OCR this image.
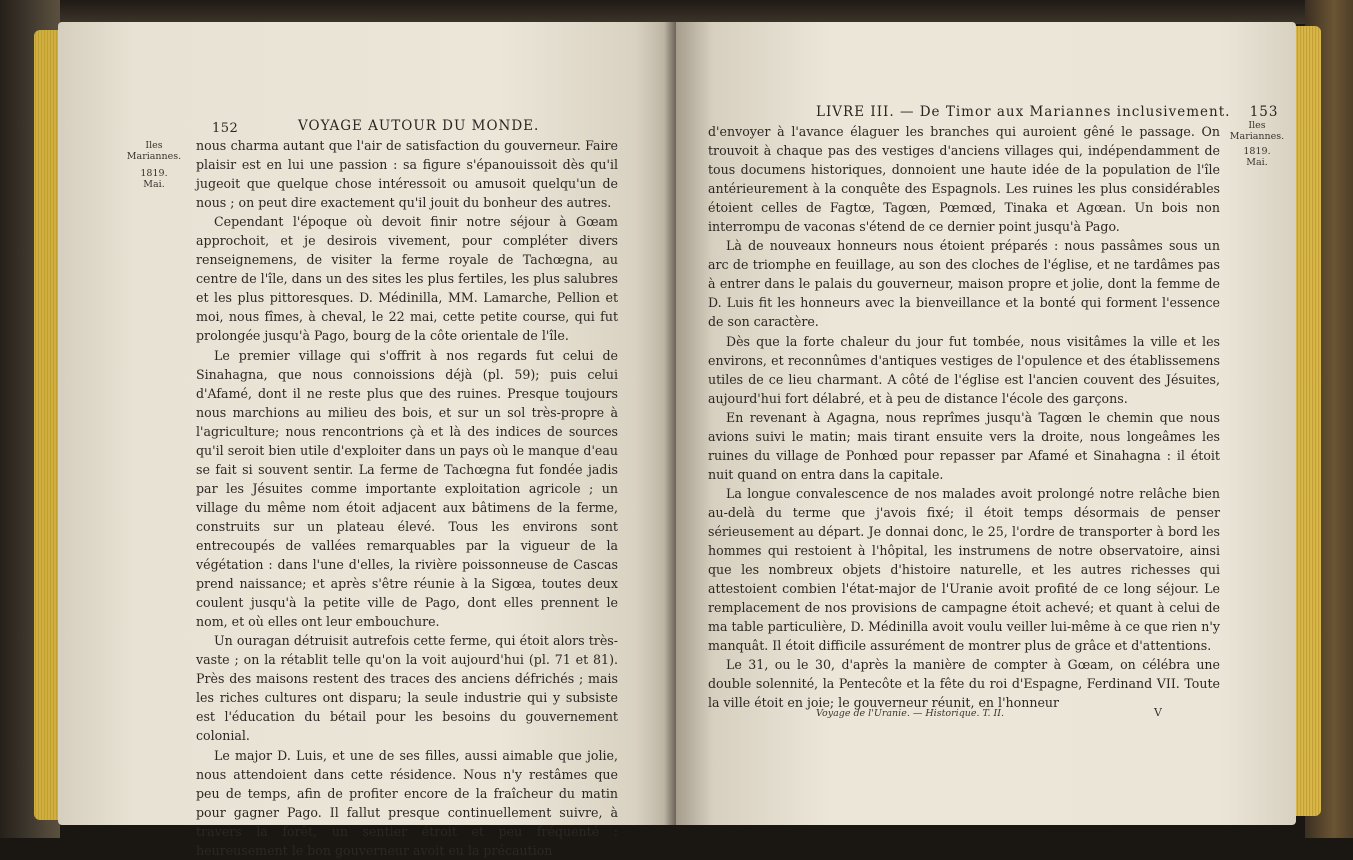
152	VOYAGE AUTOUR DU MONDE.
Iles Mariannes.
1819.
Mai.

nous charma autant que l'air de satisfaction du gouverneur. Faire plaisir est en lui une passion : sa figure s'épanouissoit dès qu'il jugeoit que quelque chose intéressoit ou amusoit quelqu'un de nous ; on peut dire exactement qu'il jouit du bonheur des autres.

Cependant l'époque où devoit finir notre séjour à Gœam approchoit, et je desirois vivement, pour compléter divers renseignemens, de visiter la ferme royale de Tachœgna, au centre de l'île, dans un des sites les plus fertiles, les plus salubres et les plus pittoresques. D. Médinilla, MM. Lamarche, Pellion et moi, nous fîmes, à cheval, le 22 mai, cette petite course, qui fut prolongée jusqu'à Pago, bourg de la côte orientale de l'île.

Le premier village qui s'offrit à nos regards fut celui de Sinahagna, que nous connoissions déjà (pl. 59); puis celui d'Afamé, dont il ne reste plus que des ruines. Presque toujours nous marchions au milieu des bois, et sur un sol très-propre à l'agriculture; nous rencontrions çà et là des indices de sources qu'il seroit bien utile d'exploiter dans un pays où le manque d'eau se fait si souvent sentir. La ferme de Tachœgna fut fondée jadis par les Jésuites comme importante exploitation agricole ; un village du même nom étoit adjacent aux bâtimens de la ferme, construits sur un plateau élevé. Tous les environs sont entrecoupés de vallées remarquables par la vigueur de la végétation : dans l'une d'elles, la rivière poissonneuse de Cascas prend naissance; et après s'être réunie à la Sigœa, toutes deux coulent jusqu'à la petite ville de Pago, dont elles prennent le nom, et où elles ont leur embouchure.

Un ouragan détruisit autrefois cette ferme, qui étoit alors très-vaste ; on la rétablit telle qu'on la voit aujourd'hui (pl. 71 et 81). Près des maisons restent des traces des anciens défrichés ; mais les riches cultures ont disparu; la seule industrie qui y subsiste est l'éducation du bétail pour les besoins du gouvernement colonial.

Le major D. Luis, et une de ses filles, aussi aimable que jolie, nous attendoient dans cette résidence. Nous n'y restâmes que peu de temps, afin de profiter encore de la fraîcheur du matin pour gagner Pago. Il fallut presque continuellement suivre, à travers la forêt, un sentier étroit et peu fréquenté : heureusement le bon gouverneur avoit eu la précaution

LIVRE III. — De Timor aux Mariannes inclusivement. 153
Iles Mariannes.
1819.
Mai.

d'envoyer à l'avance élaguer les branches qui auroient gêné le passage. On trouvoit à chaque pas des vestiges d'anciens villages qui, indépendamment de tous documens historiques, donnoient une haute idée de la population de l'île antérieurement à la conquête des Espagnols. Les ruines les plus considérables étoient celles de Fagtœ, Tagœn, Pœmœd, Tinaka et Agœan. Un bois non interrompu de vaconas s'étend de ce dernier point jusqu'à Pago.

Là de nouveaux honneurs nous étoient préparés : nous passâmes sous un arc de triomphe en feuillage, au son des cloches de l'église, et ne tardâmes pas à entrer dans le palais du gouverneur, maison propre et jolie, dont la femme de D. Luis fit les honneurs avec la bienveillance et la bonté qui forment l'essence de son caractère.

Dès que la forte chaleur du jour fut tombée, nous visitâmes la ville et les environs, et reconnûmes d'antiques vestiges de l'opulence et des établissemens utiles de ce lieu charmant. A côté de l'église est l'ancien couvent des Jésuites, aujourd'hui fort délabré, et à peu de distance l'école des garçons.

En revenant à Agagna, nous reprîmes jusqu'à Tagœn le chemin que nous avions suivi le matin; mais tirant ensuite vers la droite, nous longeâmes les ruines du village de Ponhœd pour repasser par Afamé et Sinahagna : il étoit nuit quand on entra dans la capitale.

La longue convalescence de nos malades avoit prolongé notre relâche bien au-delà du terme que j'avois fixé; il étoit temps désormais de penser sérieusement au départ. Je donnai donc, le 25, l'ordre de transporter à bord les hommes qui restoient à l'hôpital, les instrumens de notre observatoire, ainsi que les nombreux objets d'histoire naturelle, et les autres richesses qui attestoient combien l'état-major de l'Uranie avoit profité de ce long séjour. Le remplacement de nos provisions de campagne étoit achevé; et quant à celui de ma table particulière, D. Médinilla avoit voulu veiller lui-même à ce que rien n'y manquât. Il étoit difficile assurément de montrer plus de grâce et d'attentions.

Le 31, ou le 30, d'après la manière de compter à Gœam, on célébra une double solennité, la Pentecôte et la fête du roi d'Espagne, Ferdinand VII. Toute la ville étoit en joie; le gouverneur réunit, en l'honneur

Voyage de l'Uranie. — Historique. T. II.	V
